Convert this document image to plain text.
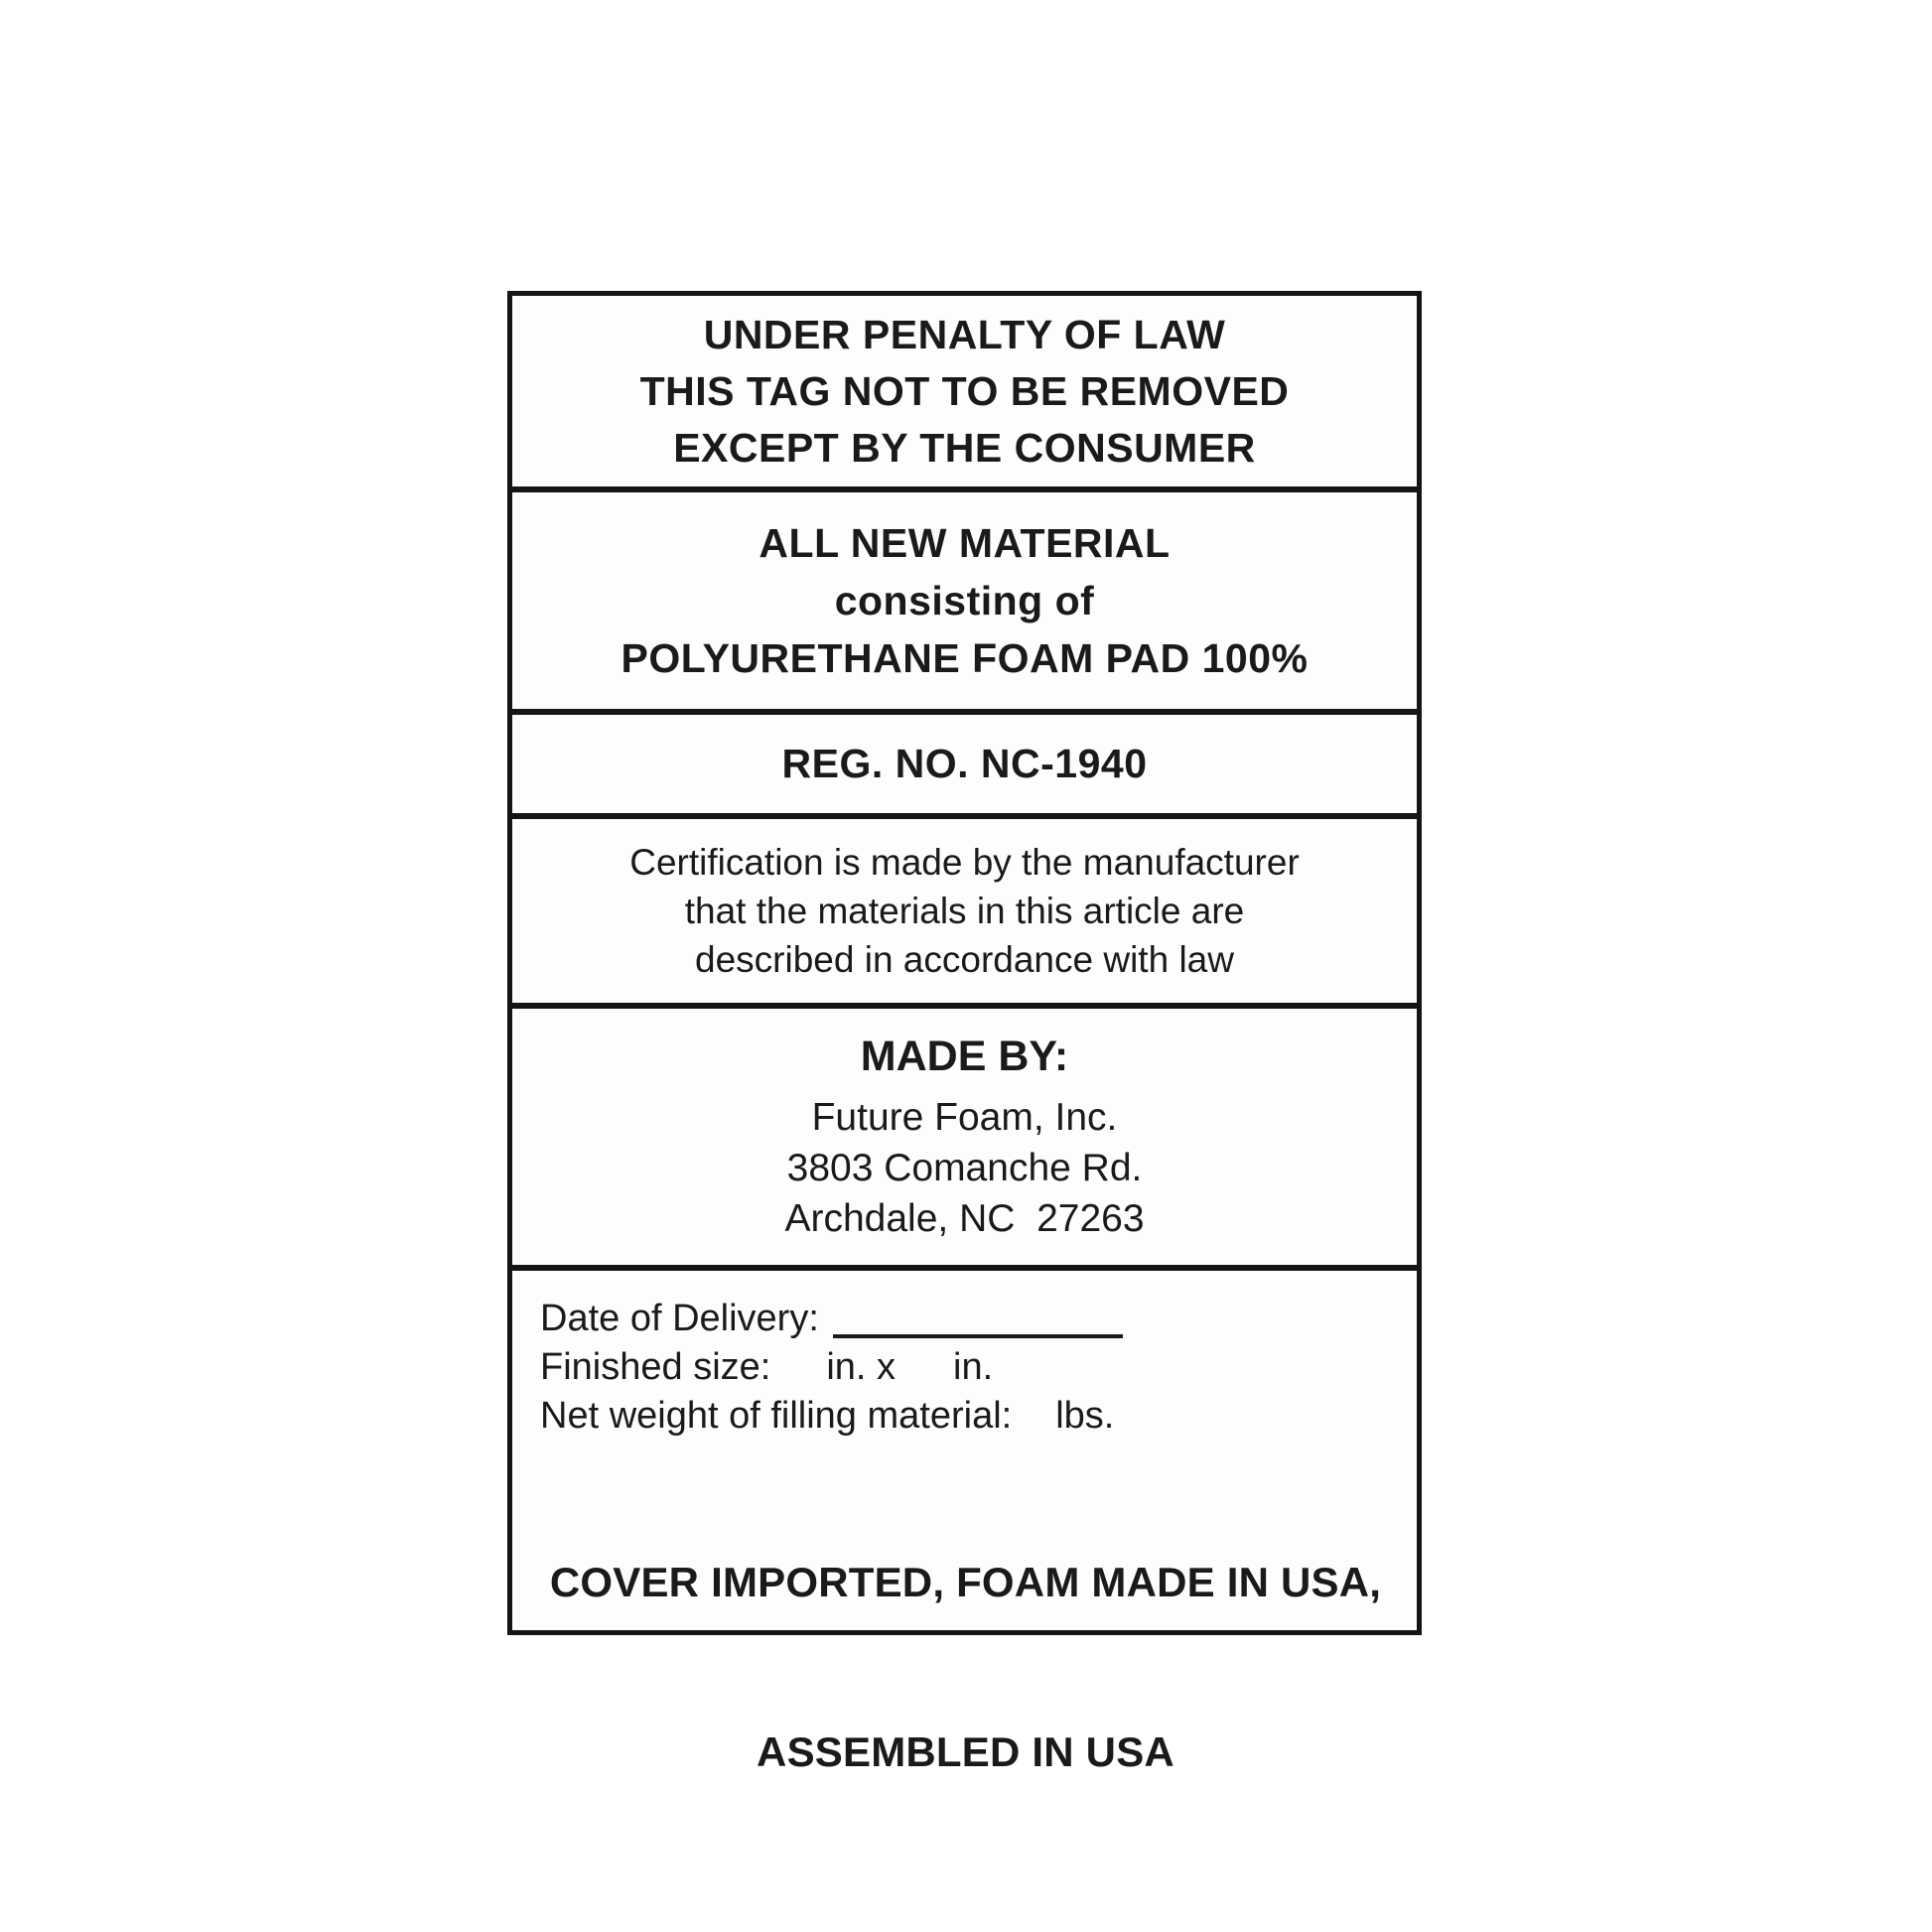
UNDER PENALTY OF LAW
THIS TAG NOT TO BE REMOVED
EXCEPT BY THE CONSUMER
ALL NEW MATERIAL
consisting of
POLYURETHANE FOAM PAD 100%
REG. NO. NC-1940
Certification is made by the manufacturer
that the materials in this article are
described in accordance with law
MADE BY:
Future Foam, Inc.
3803 Comanche Rd.
Archdale, NC  27263
Date of Delivery:
Finished size: in. x in.
Net weight of filling material: lbs.

COVER IMPORTED, FOAM MADE IN USA,

ASSEMBLED IN USA
